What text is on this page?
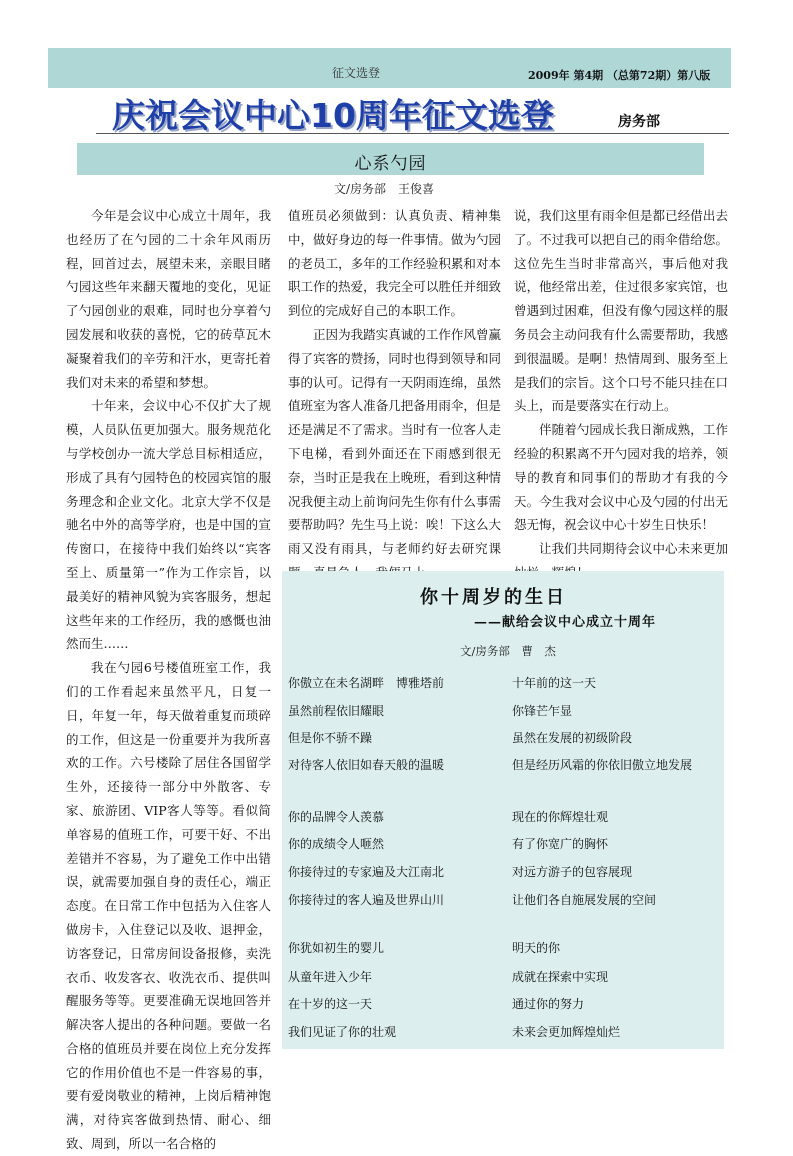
征文选登	2009年 第4期 （总第72期）第八版
庆祝会议中心10周年征文选登	房务部
心系勺园
文/房务部　王俊喜

今年是会议中心成立十周年，我也经历了在勺园的二十余年风雨历程，回首过去，展望未来，亲眼目睹勺园这些年来翻天覆地的变化，见证了勺园创业的艰难，同时也分享着勺园发展和收获的喜悦，它的砖草瓦木凝聚着我们的辛劳和汗水，更寄托着我们对未来的希望和梦想。

十年来，会议中心不仅扩大了规模，人员队伍更加强大。服务规范化与学校创办一流大学总目标相适应，形成了具有勺园特色的校园宾馆的服务理念和企业文化。北京大学不仅是驰名中外的高等学府，也是中国的宣传窗口，在接待中我们始终以“宾客至上、质量第一”作为工作宗旨，以最美好的精神风貌为宾客服务，想起这些年来的工作经历，我的感慨也油然而生……

我在勺园6号楼值班室工作，我们的工作看起来虽然平凡，日复一日，年复一年，每天做着重复而琐碎的工作，但这是一份重要并为我所喜欢的工作。六号楼除了居住各国留学生外，还接待一部分中外散客、专家、旅游团、VIP客人等等。看似简单容易的值班工作，可要干好、不出差错并不容易，为了避免工作中出错误，就需要加强自身的责任心，端正态度。在日常工作中包括为入住客人做房卡，入住登记以及收、退押金，访客登记，日常房间设备报修，卖洗衣币、收发客衣、收洗衣币、提供叫醒服务等等。更要准确无误地回答并解决客人提出的各种问题。要做一名合格的值班员并要在岗位上充分发挥它的作用价值也不是一件容易的事，要有爱岗敬业的精神，上岗后精神饱满，对待宾客做到热情、耐心、细致、周到，所以一名合格的

值班员必须做到：认真负责、精神集中，做好身边的每一件事情。做为勺园的老员工，多年的工作经验积累和对本职工作的热爱，我完全可以胜任并细致到位的完成好自己的本职工作。

正因为我踏实真诚的工作作风曾赢得了宾客的赞扬，同时也得到领导和同事的认可。记得有一天阴雨连绵，虽然值班室为客人准备几把备用雨伞，但是还是满足不了需求。当时有一位客人走下电梯，看到外面还在下雨感到很无奈，当时正是我在上晚班，看到这种情况我便主动上前询问先生你有什么事需要帮助吗？先生马上说：唉！下这么大雨又没有雨具，与老师约好去研究课

说，我们这里有雨伞但是都已经借出去了。不过我可以把自己的雨伞借给您。这位先生当时非常高兴，事后他对我说，他经常出差，住过很多家宾馆，也曾遇到过困难，但没有像勺园这样的服务员会主动问我有什么需要帮助，我感到很温暖。是啊！热情周到、服务至上是我们的宗旨。这个口号不能只挂在口头上，而是要落实在行动上。

伴随着勺园成长我日渐成熟，工作经验的积累离不开勺园对我的培养，领导的教育和同事们的帮助才有我的今天。今生我对会议中心及勺园的付出无怨无悔，祝会议中心十岁生日快乐！

让我们共同期待会议中心未来更加

你十周岁的生日
——献给会议中心成立十周年
文/房务部　曹　杰
你傲立在未名湖畔　博雅塔前
虽然前程依旧耀眼
但是你不骄不躁
对待客人依旧如春天般的温暖
你的品牌令人羡慕
你的成绩令人咂然
你接待过的专家遍及大江南北
你接待过的客人遍及世界山川
你犹如初生的婴儿
从童年进入少年
在十岁的这一天
我们见证了你的壮观
十年前的这一天
你锋芒乍显
虽然在发展的初级阶段
但是经历风霜的你依旧傲立地发展
现在的你辉煌壮观
有了你宽广的胸怀
对远方游子的包容展现
让他们各自施展发展的空间
明天的你
成就在探索中实现
通过你的努力
未来会更加辉煌灿烂
